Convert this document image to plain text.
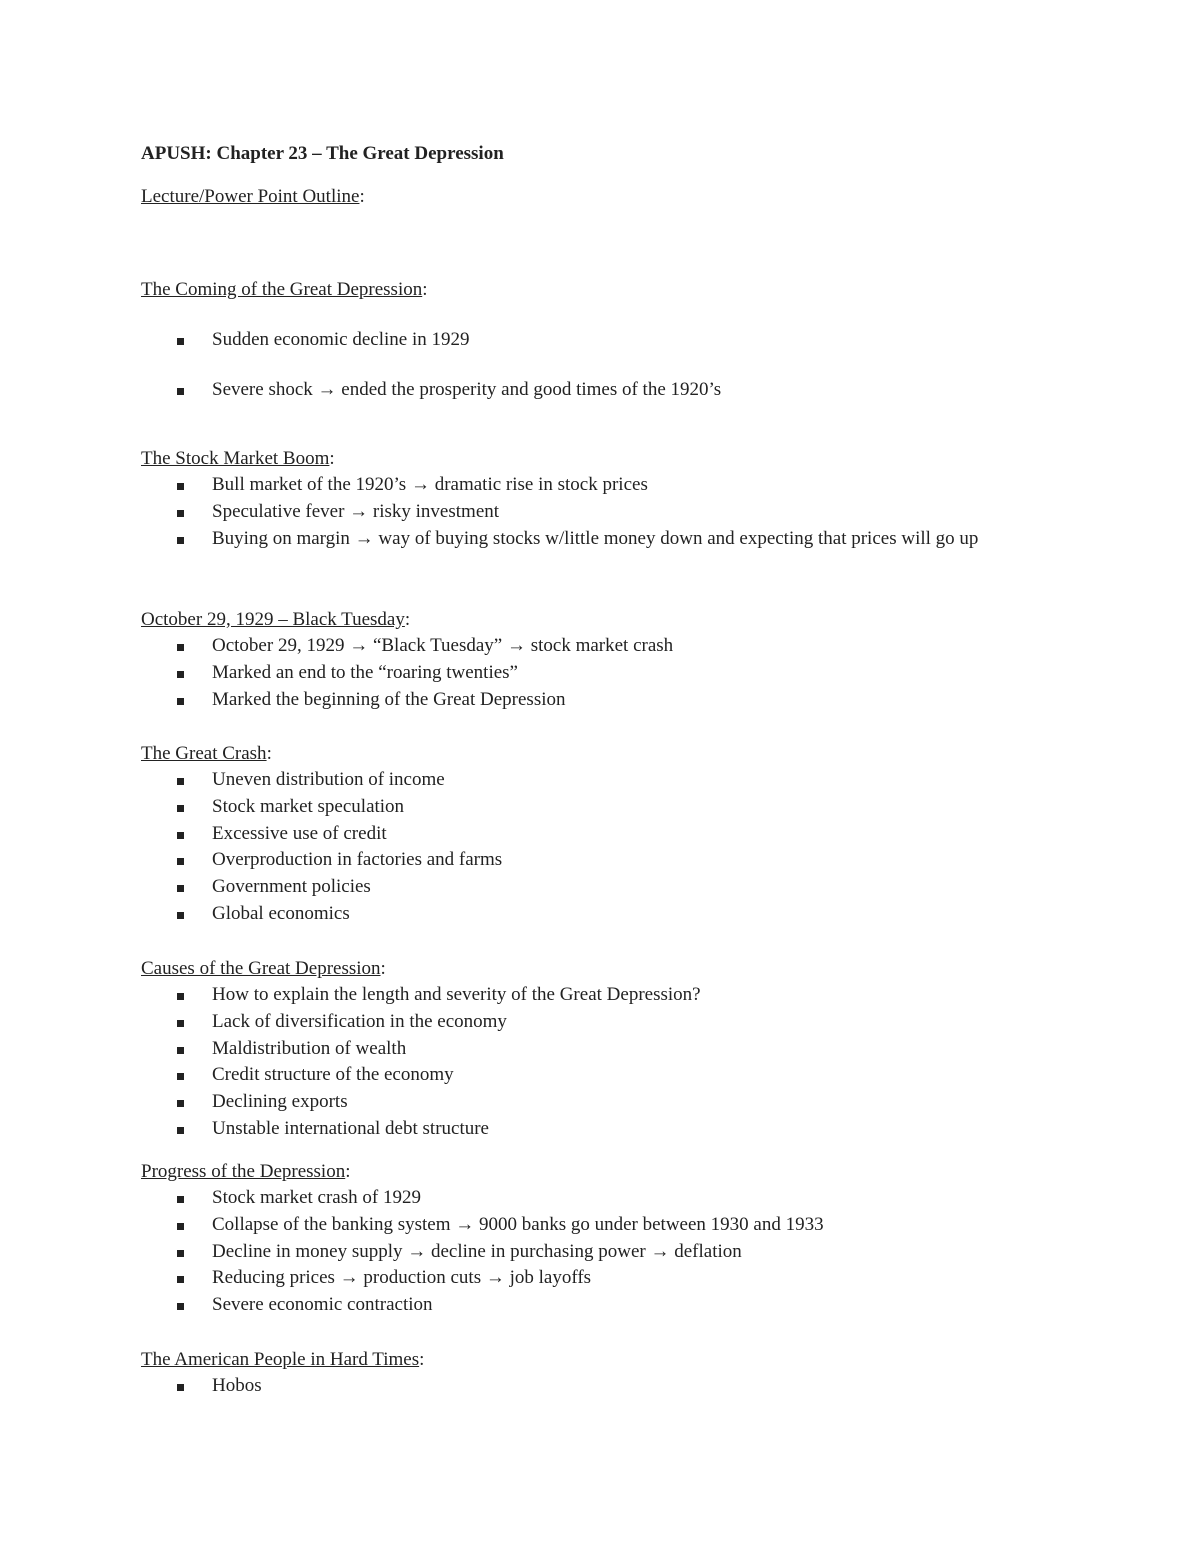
APUSH: Chapter 23 – The Great Depression
Lecture/Power Point Outline:
The Coming of the Great Depression:
Sudden economic decline in 1929
Severe shock → ended the prosperity and good times of the 1920’s
The Stock Market Boom:
Bull market of the 1920’s → dramatic rise in stock prices
Speculative fever → risky investment
Buying on margin → way of buying stocks w/little money down and expecting that prices will go up
October 29, 1929 – Black Tuesday:
October 29, 1929 → “Black Tuesday” → stock market crash
Marked an end to the “roaring twenties”
Marked the beginning of the Great Depression
The Great Crash:
Uneven distribution of income
Stock market speculation
Excessive use of credit
Overproduction in factories and farms
Government policies
Global economics
Causes of the Great Depression:
How to explain the length and severity of the Great Depression?
Lack of diversification in the economy
Maldistribution of wealth
Credit structure of the economy
Declining exports
Unstable international debt structure
Progress of the Depression:
Stock market crash of 1929
Collapse of the banking system → 9000 banks go under between 1930 and 1933
Decline in money supply → decline in purchasing power → deflation
Reducing prices → production cuts → job layoffs
Severe economic contraction
The American People in Hard Times:
Hobos
